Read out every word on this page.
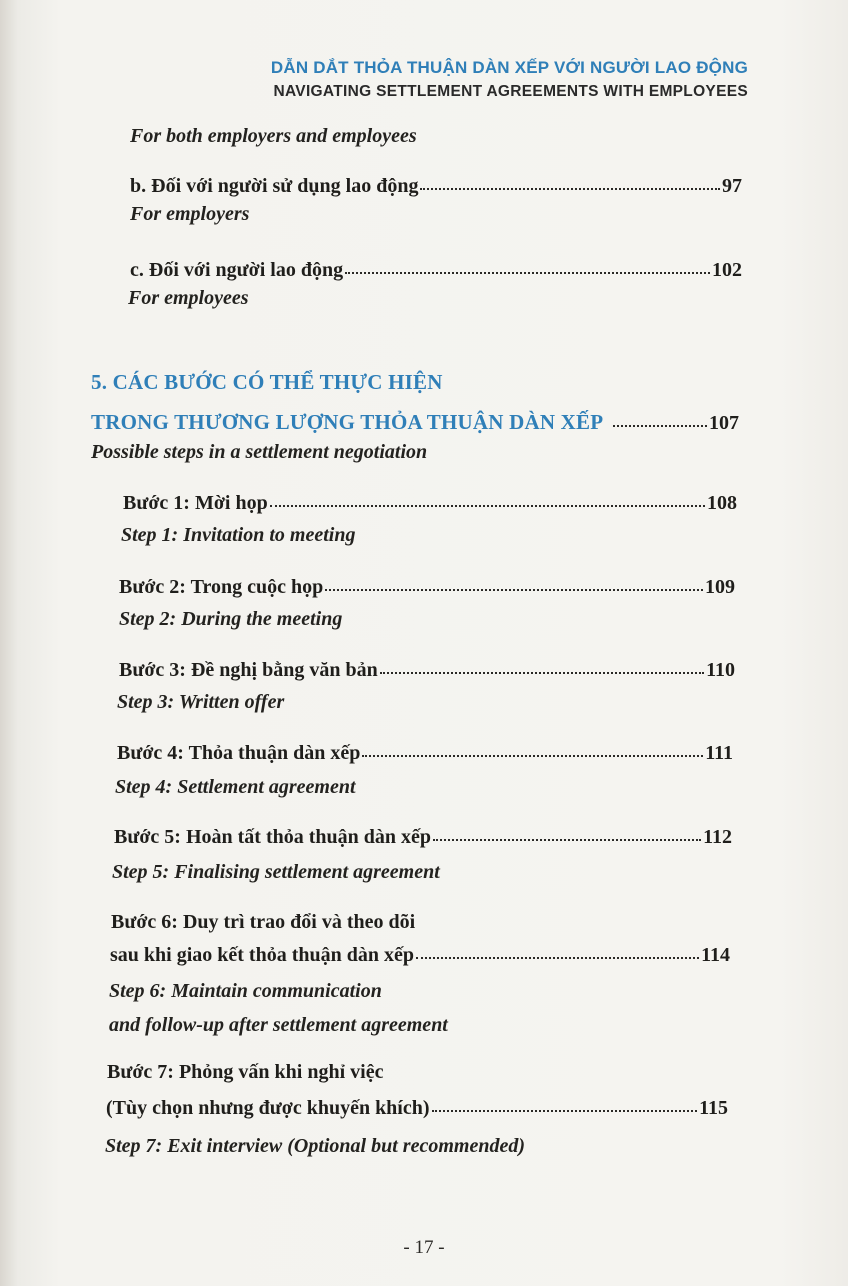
DẪN DẮT THỎA THUẬN DÀN XẾP VỚI NGƯỜI LAO ĐỘNG
NAVIGATING SETTLEMENT AGREEMENTS WITH EMPLOYEES
For both employers and employees
b. Đối với người sử dụng lao động	97
For employers
c. Đối với người lao động	102
For employees
5. CÁC BƯỚC CÓ THỂ THỰC HIỆN
TRONG THƯƠNG LƯỢNG THỎA THUẬN DÀN XẾP	107
Possible steps in a settlement negotiation
Bước 1: Mời họp	108
Step 1: Invitation to meeting
Bước 2: Trong cuộc họp	109
Step 2: During the meeting
Bước 3: Đề nghị bằng văn bản	110
Step 3: Written offer
Bước 4: Thỏa thuận dàn xếp	111
Step 4: Settlement agreement
Bước 5: Hoàn tất thỏa thuận dàn xếp	112
Step 5: Finalising settlement agreement
Bước 6: Duy trì trao đổi và theo dõi
sau khi giao kết thỏa thuận dàn xếp	114
Step 6: Maintain communication
and follow-up after settlement agreement
Bước 7: Phỏng vấn khi nghỉ việc
(Tùy chọn nhưng được khuyến khích)	115
Step 7: Exit interview (Optional but recommended)
- 17 -
